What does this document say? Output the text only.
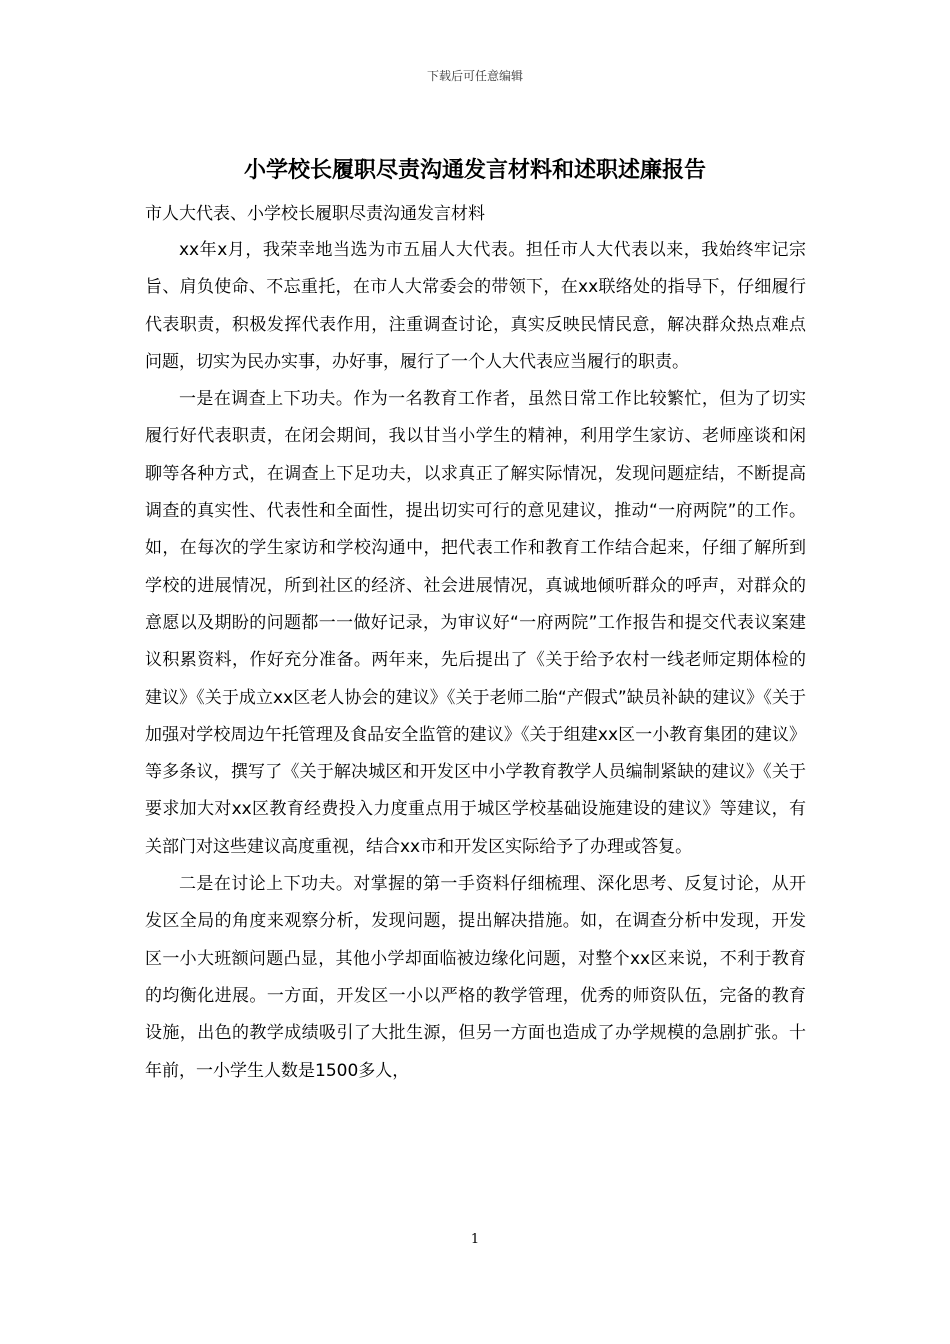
下载后可任意编辑
小学校长履职尽责沟通发言材料和述职述廉报告

市人大代表、小学校长履职尽责沟通发言材料

xx年x月，我荣幸地当选为市五届人大代表。担任市人大代表以来，我始终牢记宗旨、肩负使命、不忘重托，在市人大常委会的带领下，在xx联络处的指导下，仔细履行代表职责，积极发挥代表作用，注重调查讨论，真实反映民情民意，解决群众热点难点问题，切实为民办实事，办好事，履行了一个人大代表应当履行的职责。

一是在调查上下功夫。作为一名教育工作者，虽然日常工作比较繁忙，但为了切实履行好代表职责，在闭会期间，我以甘当小学生的精神，利用学生家访、老师座谈和闲聊等各种方式，在调查上下足功夫，以求真正了解实际情况，发现问题症结，不断提高调查的真实性、代表性和全面性，提出切实可行的意见建议，推动“一府两院”的工作。如，在每次的学生家访和学校沟通中，把代表工作和教育工作结合起来，仔细了解所到学校的进展情况，所到社区的经济、社会进展情况，真诚地倾听群众的呼声，对群众的意愿以及期盼的问题都一一做好记录，为审议好“一府两院”工作报告和提交代表议案建议积累资料，作好充分准备。两年来，先后提出了《关于给予农村一线老师定期体检的建议》《关于成立xx区老人协会的建议》《关于老师二胎“产假式”缺员补缺的建议》《关于加强对学校周边午托管理及食品安全监管的建议》《关于组建xx区一小教育集团的建议》等多条议，撰写了《关于解决城区和开发区中小学教育教学人员编制紧缺的建议》《关于要求加大对xx区教育经费投入力度重点用于城区学校基础设施建设的建议》等建议，有关部门对这些建议高度重视，结合xx市和开发区实际给予了办理或答复。

二是在讨论上下功夫。对掌握的第一手资料仔细梳理、深化思考、反复讨论，从开发区全局的角度来观察分析，发现问题，提出解决措施。如，在调查分析中发现，开发区一小大班额问题凸显，其他小学却面临被边缘化问题，对整个xx区来说，不利于教育的均衡化进展。一方面，开发区一小以严格的教学管理，优秀的师资队伍，完备的教育设施，出色的教学成绩吸引了大批生源，但另一方面也造成了办学规模的急剧扩张。十年前，一小学生人数是1500多人，

1
